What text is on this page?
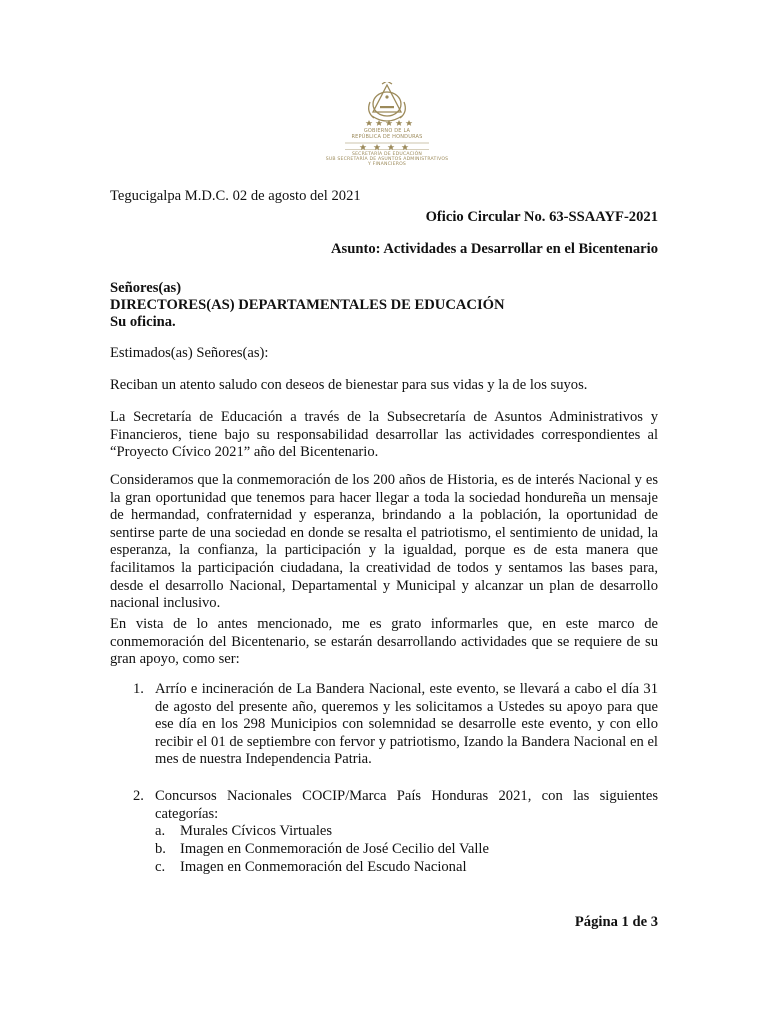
GOBIERNO DE LA
REPÚBLICA DE HONDURAS
SECRETARÍA DE EDUCACIÓN
SUB SECRETARÍA DE ASUNTOS ADMINISTRATIVOS
Y FINANCIEROS
Tegucigalpa M.D.C. 02 de agosto del 2021
Oficio Circular No. 63-SSAAYF-2021
Asunto: Actividades a Desarrollar en el Bicentenario
Señores(as)
DIRECTORES(AS) DEPARTAMENTALES DE EDUCACIÓN
Su oficina.
Estimados(as) Señores(as):
Reciban un atento saludo con deseos de bienestar para sus vidas y la de los suyos.
La Secretaría de Educación a través de la Subsecretaría de Asuntos Administrativos y Financieros, tiene bajo su responsabilidad desarrollar las actividades correspondientes al “Proyecto Cívico 2021” año del Bicentenario.
Consideramos que la conmemoración de los 200 años de Historia, es de interés Nacional y es la gran oportunidad que tenemos para hacer llegar a toda la sociedad hondureña un mensaje de hermandad, confraternidad y esperanza, brindando a la población, la oportunidad de sentirse parte de una sociedad en donde se resalta el patriotismo, el sentimiento de unidad, la esperanza, la confianza, la participación y la igualdad, porque es de esta manera que facilitamos la participación ciudadana, la creatividad de todos y sentamos las bases para, desde el desarrollo Nacional, Departamental y Municipal y alcanzar un plan de desarrollo nacional inclusivo.
En vista de lo antes mencionado, me es grato informarles que, en este marco de conmemoración del Bicentenario, se estarán desarrollando actividades que se requiere de su gran apoyo, como ser:
1. Arrío e incineración de La Bandera Nacional, este evento, se llevará a cabo el día 31 de agosto del presente año, queremos y les solicitamos a Ustedes su apoyo para que ese día en los 298 Municipios con solemnidad se desarrolle este evento, y con ello recibir el 01 de septiembre con fervor y patriotismo, Izando la Bandera Nacional en el mes de nuestra Independencia Patria.
2. Concursos Nacionales COCIP/Marca País Honduras 2021, con las siguientes categorías:
a. Murales Cívicos Virtuales
b. Imagen en Conmemoración de José Cecilio del Valle
c. Imagen en Conmemoración del Escudo Nacional
Página 1 de 3
